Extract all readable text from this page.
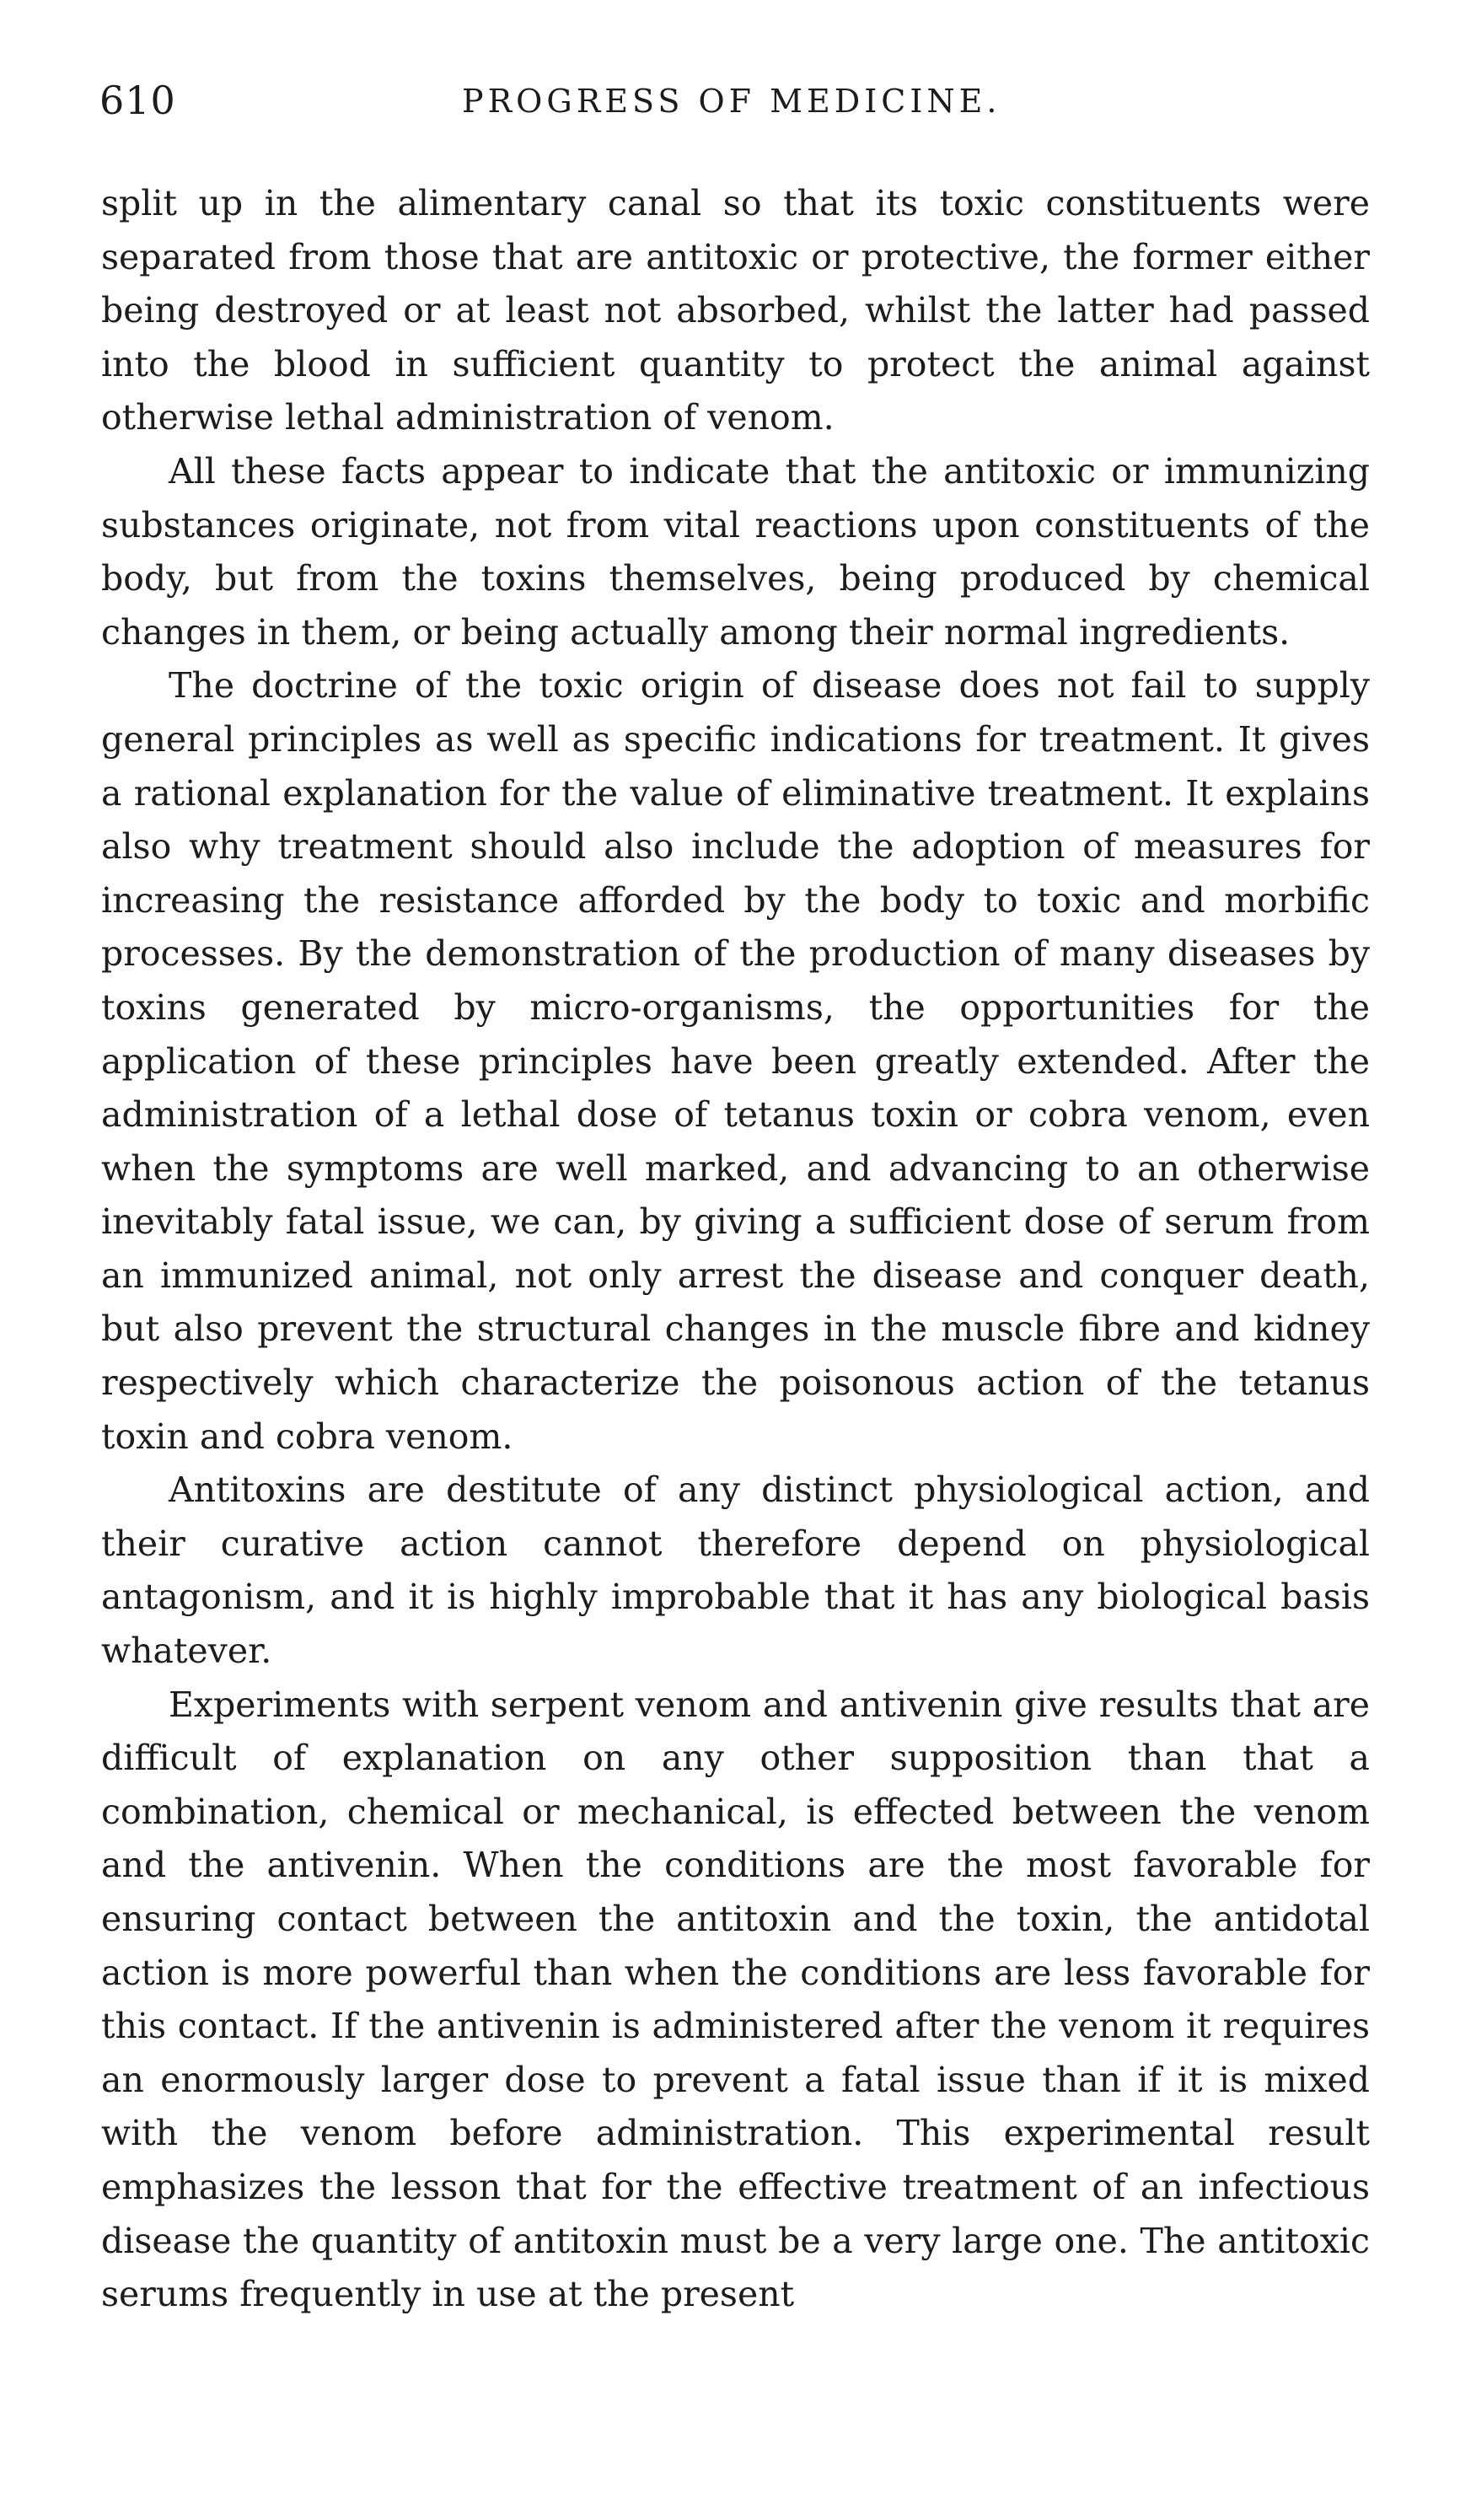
610	PROGRESS OF MEDICINE.

split up in the alimentary canal so that its toxic constituents were separated from those that are antitoxic or protective, the former either being destroyed or at least not absorbed, whilst the latter had passed into the blood in sufficient quantity to protect the animal against otherwise lethal administration of venom.

All these facts appear to indicate that the antitoxic or immunizing substances originate, not from vital reactions upon constituents of the body, but from the toxins themselves, being produced by chemical changes in them, or being actually among their normal ingredients.

The doctrine of the toxic origin of disease does not fail to supply general principles as well as specific indications for treatment. It gives a rational explanation for the value of eliminative treatment. It explains also why treatment should also include the adoption of measures for increasing the resistance afforded by the body to toxic and morbific processes. By the demonstration of the production of many diseases by toxins generated by micro-organisms, the opportunities for the application of these principles have been greatly extended. After the administration of a lethal dose of tetanus toxin or cobra venom, even when the symptoms are well marked, and advancing to an otherwise inevitably fatal issue, we can, by giving a sufficient dose of serum from an immunized animal, not only arrest the disease and conquer death, but also prevent the structural changes in the muscle fibre and kidney respectively which characterize the poisonous action of the tetanus toxin and cobra venom.

Antitoxins are destitute of any distinct physiological action, and their curative action cannot therefore depend on physiological antagonism, and it is highly improbable that it has any biological basis whatever.

Experiments with serpent venom and antivenin give results that are difficult of explanation on any other supposition than that a combination, chemical or mechanical, is effected between the venom and the antivenin. When the conditions are the most favorable for ensuring contact between the antitoxin and the toxin, the antidotal action is more powerful than when the conditions are less favorable for this contact. If the antivenin is administered after the venom it requires an enormously larger dose to prevent a fatal issue than if it is mixed with the venom before administration. This experimental result emphasizes the lesson that for the effective treatment of an infectious disease the quantity of antitoxin must be a very large one. The antitoxic serums frequently in use at the present
